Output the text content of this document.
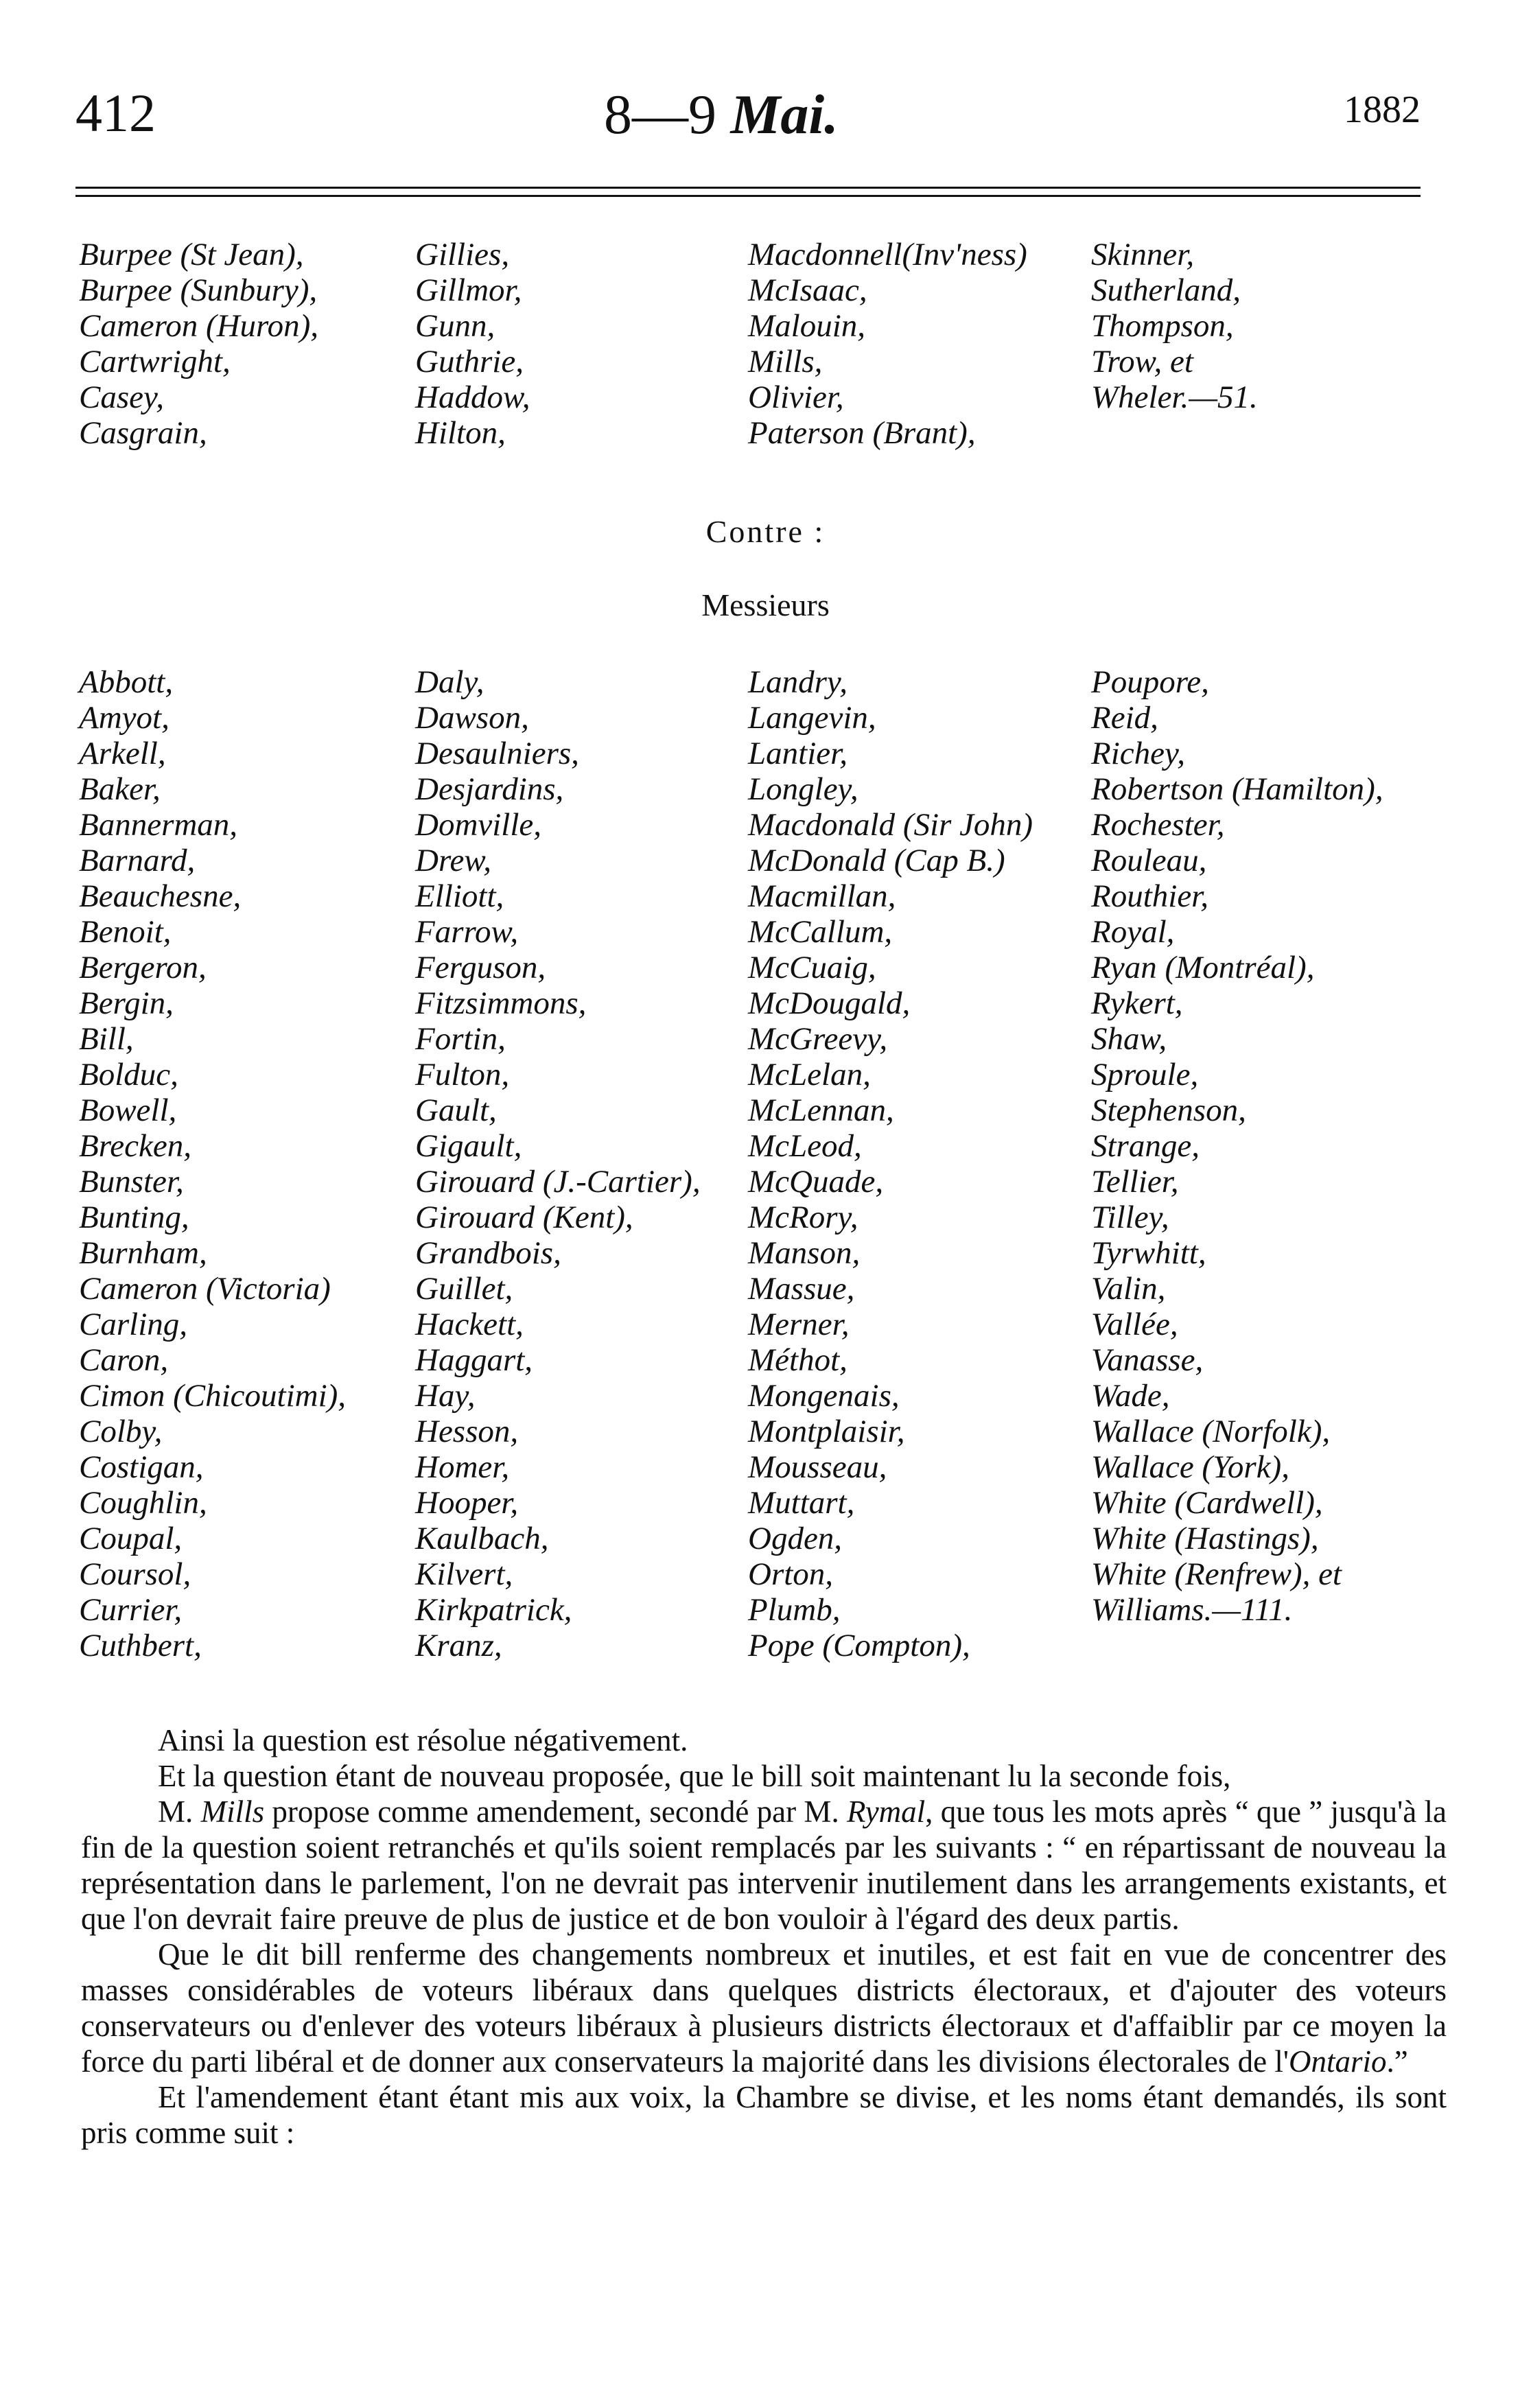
412	8—9 Mai.	1882
Burpee (St Jean),
Burpee (Sunbury),
Cameron (Huron),
Cartwright,
Casey,
Casgrain,
Gillies,
Gillmor,
Gunn,
Guthrie,
Haddow,
Hilton,
Macdonnell(Inv'ness)
McIsaac,
Malouin,
Mills,
Olivier,
Paterson (Brant),
Skinner,
Sutherland,
Thompson,
Trow, et
Wheler.—51.
Contre :
Messieurs
Abbott,
Amyot,
Arkell,
Baker,
Bannerman,
Barnard,
Beauchesne,
Benoit,
Bergeron,
Bergin,
Bill,
Bolduc,
Bowell,
Brecken,
Bunster,
Bunting,
Burnham,
Cameron (Victoria)
Carling,
Caron,
Cimon (Chicoutimi),
Colby,
Costigan,
Coughlin,
Coupal,
Coursol,
Currier,
Cuthbert,
Daly,
Dawson,
Desaulniers,
Desjardins,
Domville,
Drew,
Elliott,
Farrow,
Ferguson,
Fitzsimmons,
Fortin,
Fulton,
Gault,
Gigault,
Girouard (J.-Cartier),
Girouard (Kent),
Grandbois,
Guillet,
Hackett,
Haggart,
Hay,
Hesson,
Homer,
Hooper,
Kaulbach,
Kilvert,
Kirkpatrick,
Kranz,
Landry,
Langevin,
Lantier,
Longley,
Macdonald (Sir John)
McDonald (Cap B.)
Macmillan,
McCallum,
McCuaig,
McDougald,
McGreevy,
McLelan,
McLennan,
McLeod,
McQuade,
McRory,
Manson,
Massue,
Merner,
Méthot,
Mongenais,
Montplaisir,
Mousseau,
Muttart,
Ogden,
Orton,
Plumb,
Pope (Compton),
Poupore,
Reid,
Richey,
Robertson (Hamilton),
Rochester,
Rouleau,
Routhier,
Royal,
Ryan (Montréal),
Rykert,
Shaw,
Sproule,
Stephenson,
Strange,
Tellier,
Tilley,
Tyrwhitt,
Valin,
Vallée,
Vanasse,
Wade,
Wallace (Norfolk),
Wallace (York),
White (Cardwell),
White (Hastings),
White (Renfrew), et
Williams.—111.

Ainsi la question est résolue négativement.

Et la question étant de nouveau proposée, que le bill soit maintenant lu la seconde fois,

M. Mills propose comme amendement, secondé par M. Rymal, que tous les mots après “ que ” jusqu'à la fin de la question soient retranchés et qu'ils soient remplacés par les suivants : “ en répartissant de nouveau la représentation dans le parlement, l'on ne devrait pas intervenir inutilement dans les arrangements existants, et que l'on devrait faire preuve de plus de justice et de bon vouloir à l'égard des deux partis.

Que le dit bill renferme des changements nombreux et inutiles, et est fait en vue de concentrer des masses considérables de voteurs libéraux dans quelques districts électoraux, et d'ajouter des voteurs conservateurs ou d'enlever des voteurs libéraux à plusieurs districts électoraux et d'affaiblir par ce moyen la force du parti libéral et de donner aux conservateurs la majorité dans les divisions électorales de l'Ontario.”

Et l'amendement étant étant mis aux voix, la Chambre se divise, et les noms étant demandés, ils sont pris comme suit :
